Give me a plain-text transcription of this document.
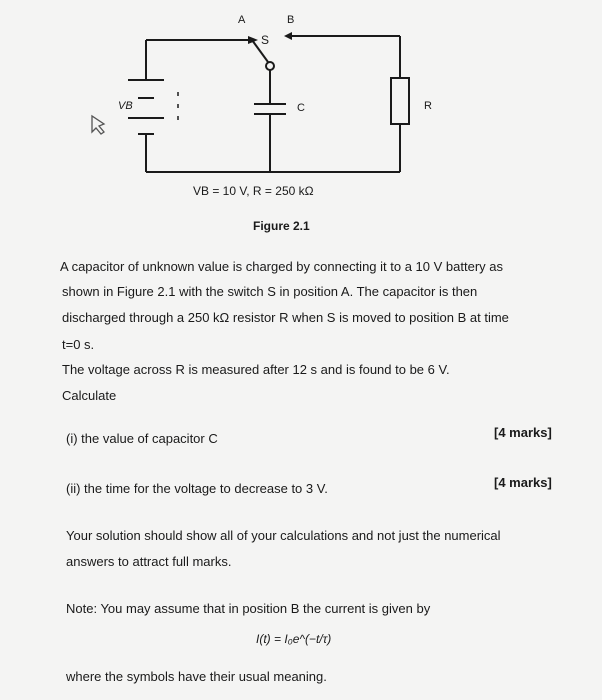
A	B
S
VB	C	R
VB = 10 V, R = 250 kΩ
Figure 2.1
A capacitor of unknown value is charged by connecting it to a 10 V battery as
shown in Figure 2.1 with the switch S in position A. The capacitor is then
discharged through a 250 kΩ resistor R when S is moved to position B at time
t=0 s.
The voltage across R is measured after 12 s and is found to be 6 V.
Calculate
(i) the value of capacitor C	[4 marks]
(ii) the time for the voltage to decrease to 3 V.	[4 marks]
Your solution should show all of your calculations and not just the numerical
answers to attract full marks.
Note: You may assume that in position B the current is given by
I(t) = I₀e^(−t/τ)
where the symbols have their usual meaning.
